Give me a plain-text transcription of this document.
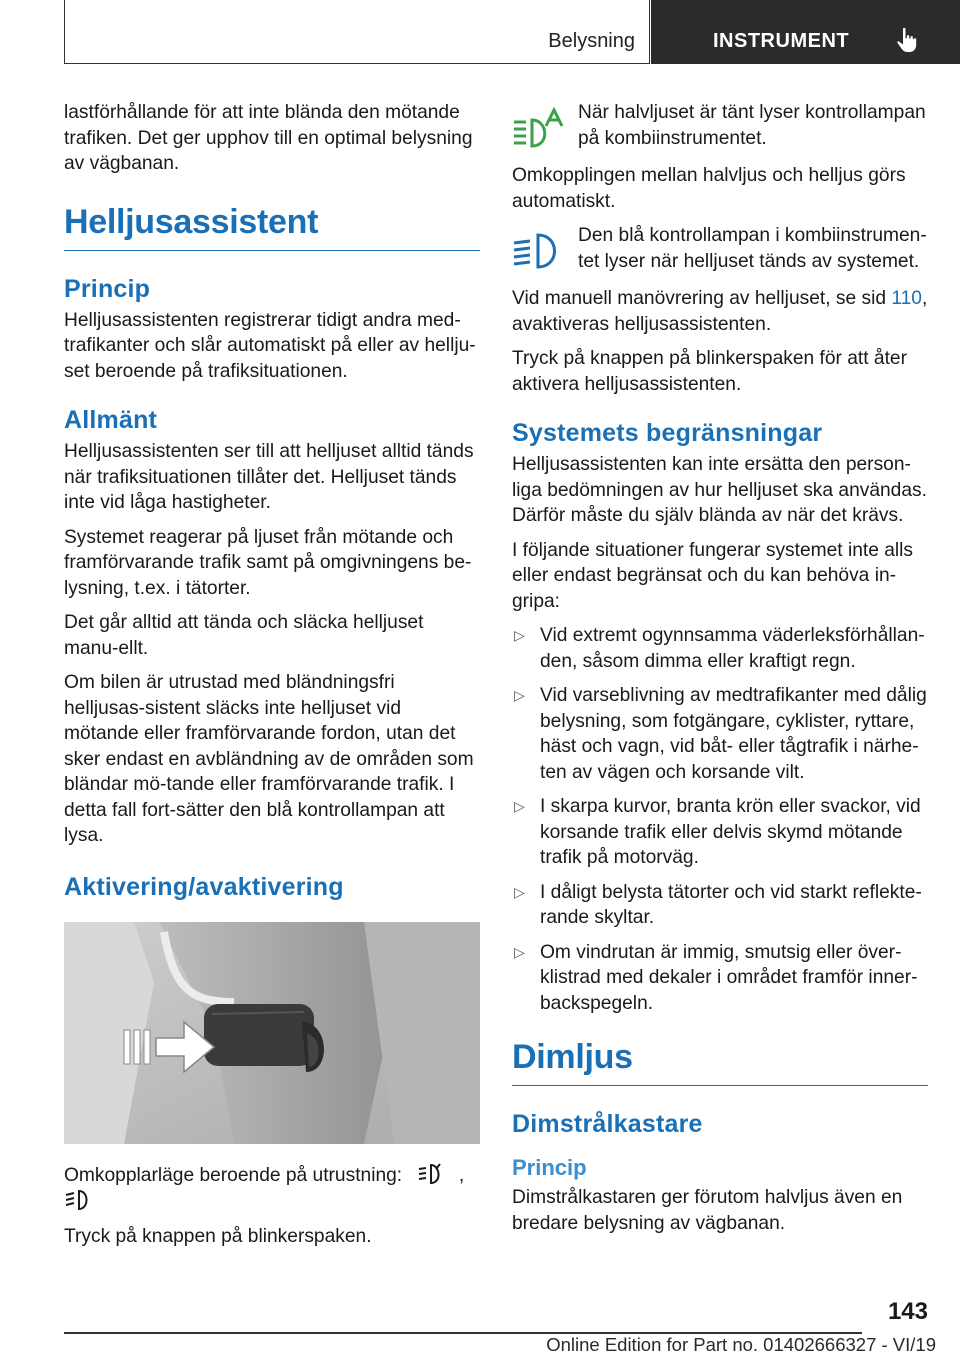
Belysning	INSTRUMENT

lastförhållande för att inte blända den mötande trafiken. Det ger upphov till en optimal belysning av vägbanan.

Helljusassistent
Princip

Helljusassistenten registrerar tidigt andra med-trafikanter och slår automatiskt på eller av hellju-set beroende på trafiksituationen.

Allmänt

Helljusassistenten ser till att helljuset alltid tänds när trafiksituationen tillåter det. Helljuset tänds inte vid låga hastigheter.

Systemet reagerar på ljuset från mötande och framförvarande trafik samt på omgivningens be-lysning, t.ex. i tätorter.

Det går alltid att tända och släcka helljuset manu-ellt.

Om bilen är utrustad med bländningsfri helljusas-sistent släcks inte helljuset vid mötande eller framförvarande fordon, utan det sker endast en avbländning av de områden som bländar mö-tande eller framförvarande trafik. I detta fall fort-sätter den blå kontrollampan att lysa.

Aktivering/avaktivering

Omkopplarläge beroende på utrustning:	,

Tryck på knappen på blinkerspaken.

När halvljuset är tänt lyser kontrollampan på kombiinstrumentet.

Omkopplingen mellan halvljus och helljus görs automatiskt.

Den blå kontrollampan i kombiinstrumen-tet lyser när helljuset tänds av systemet.

Vid manuell manövrering av helljuset, se sid 110, avaktiveras helljusassistenten.

Tryck på knappen på blinkerspaken för att åter aktivera helljusassistenten.

Systemets begränsningar

Helljusassistenten kan inte ersätta den person-liga bedömningen av hur helljuset ska användas. Därför måste du själv blända av när det krävs.

I följande situationer fungerar systemet inte alls eller endast begränsat och du kan behöva in-gripa:

▷ Vid extremt ogynnsamma väderleksförhållan-den, såsom dimma eller kraftigt regn.
▷ Vid varseblivning av medtrafikanter med dålig belysning, som fotgängare, cyklister, ryttare, häst och vagn, vid båt- eller tågtrafik i närhe-ten av vägen och korsande vilt.
▷ I skarpa kurvor, branta krön eller svackor, vid korsande trafik eller delvis skymd mötande trafik på motorväg.
▷ I dåligt belysta tätorter och vid starkt reflekte-rande skyltar.
▷ Om vindrutan är immig, smutsig eller över-klistrad med dekaler i området framför inner-backspegeln.
Dimljus
Dimstrålkastare
Princip

Dimstrålkastaren ger förutom halvljus även en bredare belysning av vägbanan.

143
Online Edition for Part no. 01402666327 - VI/19
